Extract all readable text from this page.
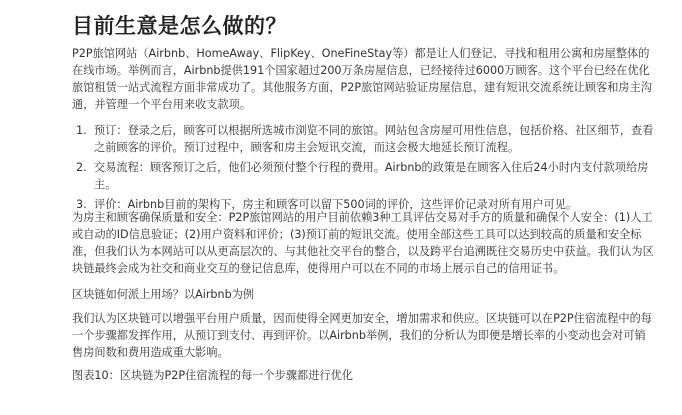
目前生意是怎么做的？
P2P旅馆网站（Airbnb、HomeAway、FlipKey、OneFineStay等）都是让人们登记、寻找和租用公寓和房屋整体的在线市场。举例而言，Airbnb提供191个国家超过200万条房屋信息，已经接待过6000万顾客。这个平台已经在优化旅馆租赁一站式流程方面非常成功了。其他服务方面，P2P旅馆网站验证房屋信息，建有短讯交流系统让顾客和房主沟通，并管理一个平台用来收支款项。
1. 预订：登录之后，顾客可以根据所选城市浏览不同的旅馆。网站包含房屋可用性信息，包括价格、社区细节，查看之前顾客的评价。预订过程中，顾客和房主会短讯交流，而这会极大地延长预订流程。
2. 交易流程：顾客预订之后，他们必须预付整个行程的费用。Airbnb的政策是在顾客入住后24小时内支付款项给房主。
3. 评价：Airbnb目前的架构下，房主和顾客可以留下500词的评价，这些评价记录对所有用户可见。
为房主和顾客确保质量和安全：P2P旅馆网站的用户目前依赖3种工具评估交易对手方的质量和确保个人安全：(1)人工或自动的ID信息验证；(2)用户资料和评价；(3)预订前的短讯交流。使用全部这些工具可以达到较高的质量和安全标准，但我们认为本网站可以从更高层次的、与其他社交平台的整合，以及跨平台追溯既往交易历史中获益。我们认为区块链最终会成为社交和商业交互的登记信息库，使得用户可以在不同的市场上展示自己的信用证书。
区块链如何派上用场？以Airbnb为例
我们认为区块链可以增强平台用户质量，因而使得全网更加安全，增加需求和供应。区块链可以在P2P住宿流程中的每一个步骤都发挥作用，从预订到支付、再到评价。以Airbnb举例，我们的分析认为即便是增长率的小变动也会对可销售房间数和费用造成重大影响。
图表10：区块链为P2P住宿流程的每一个步骤都进行优化
